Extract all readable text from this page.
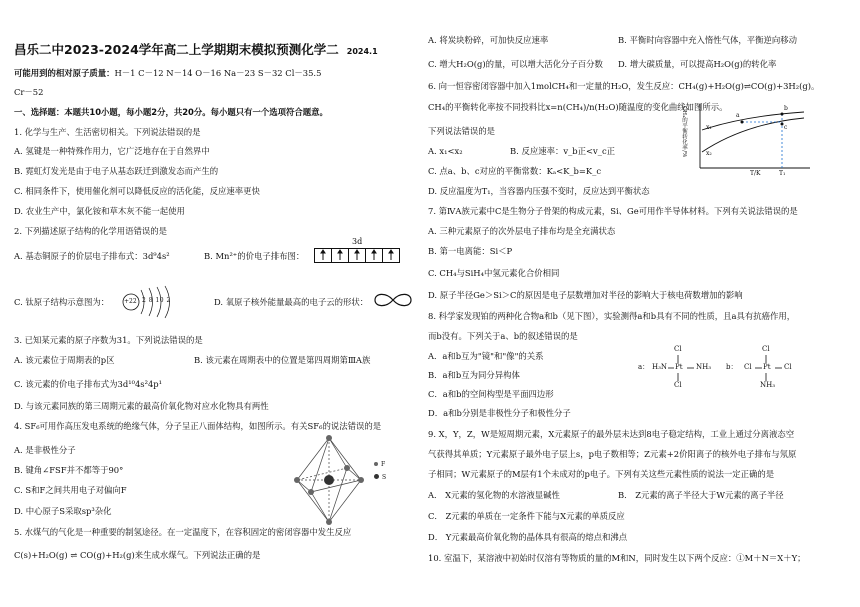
昌乐二中2023-2024学年高二上学期期末模拟预测化学二 2024.1
可能用到的相对原子质量：H－1 C－12 N－14 O－16 Na－23 S－32 Cl－35.5
Cr－52
一、选择题：本题共10小题，每小题2分，共20分。每小题只有一个选项符合题意。
1. 化学与生产、生活密切相关。下列说法错误的是
A. 氢键是一种特殊作用力，它广泛地存在于自然界中
B. 霓虹灯发光是由于电子从基态跃迁到激发态而产生的
C. 相同条件下，使用催化剂可以降低反应的活化能，反应速率更快
D. 农业生产中，氯化铵和草木灰不能一起使用
2. 下列描述原子结构的化学用语错误的是
A. 基态铜原子的价层电子排布式：3d⁹4s²	B. Mn²⁺的价电子排布图：
3d
C. 钛原子结构示意图为： +22 2 8 10 2	D. 氧原子核外能量最高的电子云的形状：
3. 已知某元素的原子序数为31。下列说法错误的是
A. 该元素位于周期表的p区	B. 该元素在周期表中的位置是第四周期第ⅢA族
C. 该元素的价电子排布式为3d¹⁰4s²4p¹
D. 与该元素同族的第三周期元素的最高价氧化物对应水化物具有两性
4. SF₆可用作高压发电系统的绝缘气体，分子呈正八面体结构，如图所示。有关SF₆的说法错误的是
A. 是非极性分子
B. 键角∠FSF并不都等于90°
C. S和F之间共用电子对偏向F
D. 中心原子S采取sp³杂化
F
S
5. 水煤气的气化是一种重要的制氢途径。在一定温度下，在容积固定的密闭容器中发生反应
C(s)+H₂O(g) ⇌ CO(g)+H₂(g)来生成水煤气。下列说法正确的是
A. 将炭块粉碎，可加快反应速率	B. 平衡时向容器中充入惰性气体，平衡逆向移动
C. 增大H₂O(g)的量，可以增大活化分子百分数 D. 增大碳质量，可以提高H₂O(g)的转化率
6. 向一恒容密闭容器中加入1molCH₄和一定量的H₂O，发生反应：CH₄(g)+H₂O(g)⇌CO(g)+3H₂(g)。
CH₄的平衡转化率按不同投料比x=n(CH₄)/n(H₂O)随温度的变化曲线如图所示。
下列说法错误的是
A. x₁<x₂	B. 反应速率：v_b正<v_c正
C. 点a、b、c对应的平衡常数：Kₐ<K_b=K_c
D. 反应温度为T₁，当容器内压强不变时，反应达到平衡状态
7. 第ⅣA族元素中C是生物分子骨架的构成元素，Si、Ge可用作半导体材料。下列有关说法错误的是
A. 三种元素原子的次外层电子排布均是全充满状态
B. 第一电离能：Si＜P
C. CH₄与SiH₄中氢元素化合价相同
D. 原子半径Ge＞Si＞C的原因是电子层数增加对半径的影响大于核电荷数增加的影响
8. 科学家发现铂的两种化合物a和b（见下图），实验测得a和b具有不同的性质，且a具有抗癌作用，
而b没有。下列关于a、b的叙述错误的是
A．a和b互为"镜"和"像"的关系
B．a和b互为同分异构体
C．a和b的空间构型是平面四边形
D．a和b分别是非极性分子和极性分子
a：
Cl
H₃N Pt NH₃
Cl
b：
Cl
Cl Pt Cl
NH₃
9. X，Y，Z，W是短周期元素，X元素原子的最外层未达到8电子稳定结构，工业上通过分离液态空
气获得其单质；Y元素原子最外电子层上s，p电子数相等；Z元素+2价阳离子的核外电子排布与氖原
子相同；W元素原子的M层有1个未成对的p电子。下列有关这些元素性质的说法一定正确的是
A． X元素的氢化物的水溶液显碱性	B． Z元素的离子半径大于W元素的离子半径
C． Z元素的单质在一定条件下能与X元素的单质反应
D． Y元素最高价氧化物的晶体具有很高的熔点和沸点
10. 室温下，某溶液中初始时仅溶有等物质的量的M和N，同时发生以下两个反应：①M＋N＝X＋Y；
CH₄的平衡转化率/%	a
b
c
x₁
x₂
T/K	T₁
